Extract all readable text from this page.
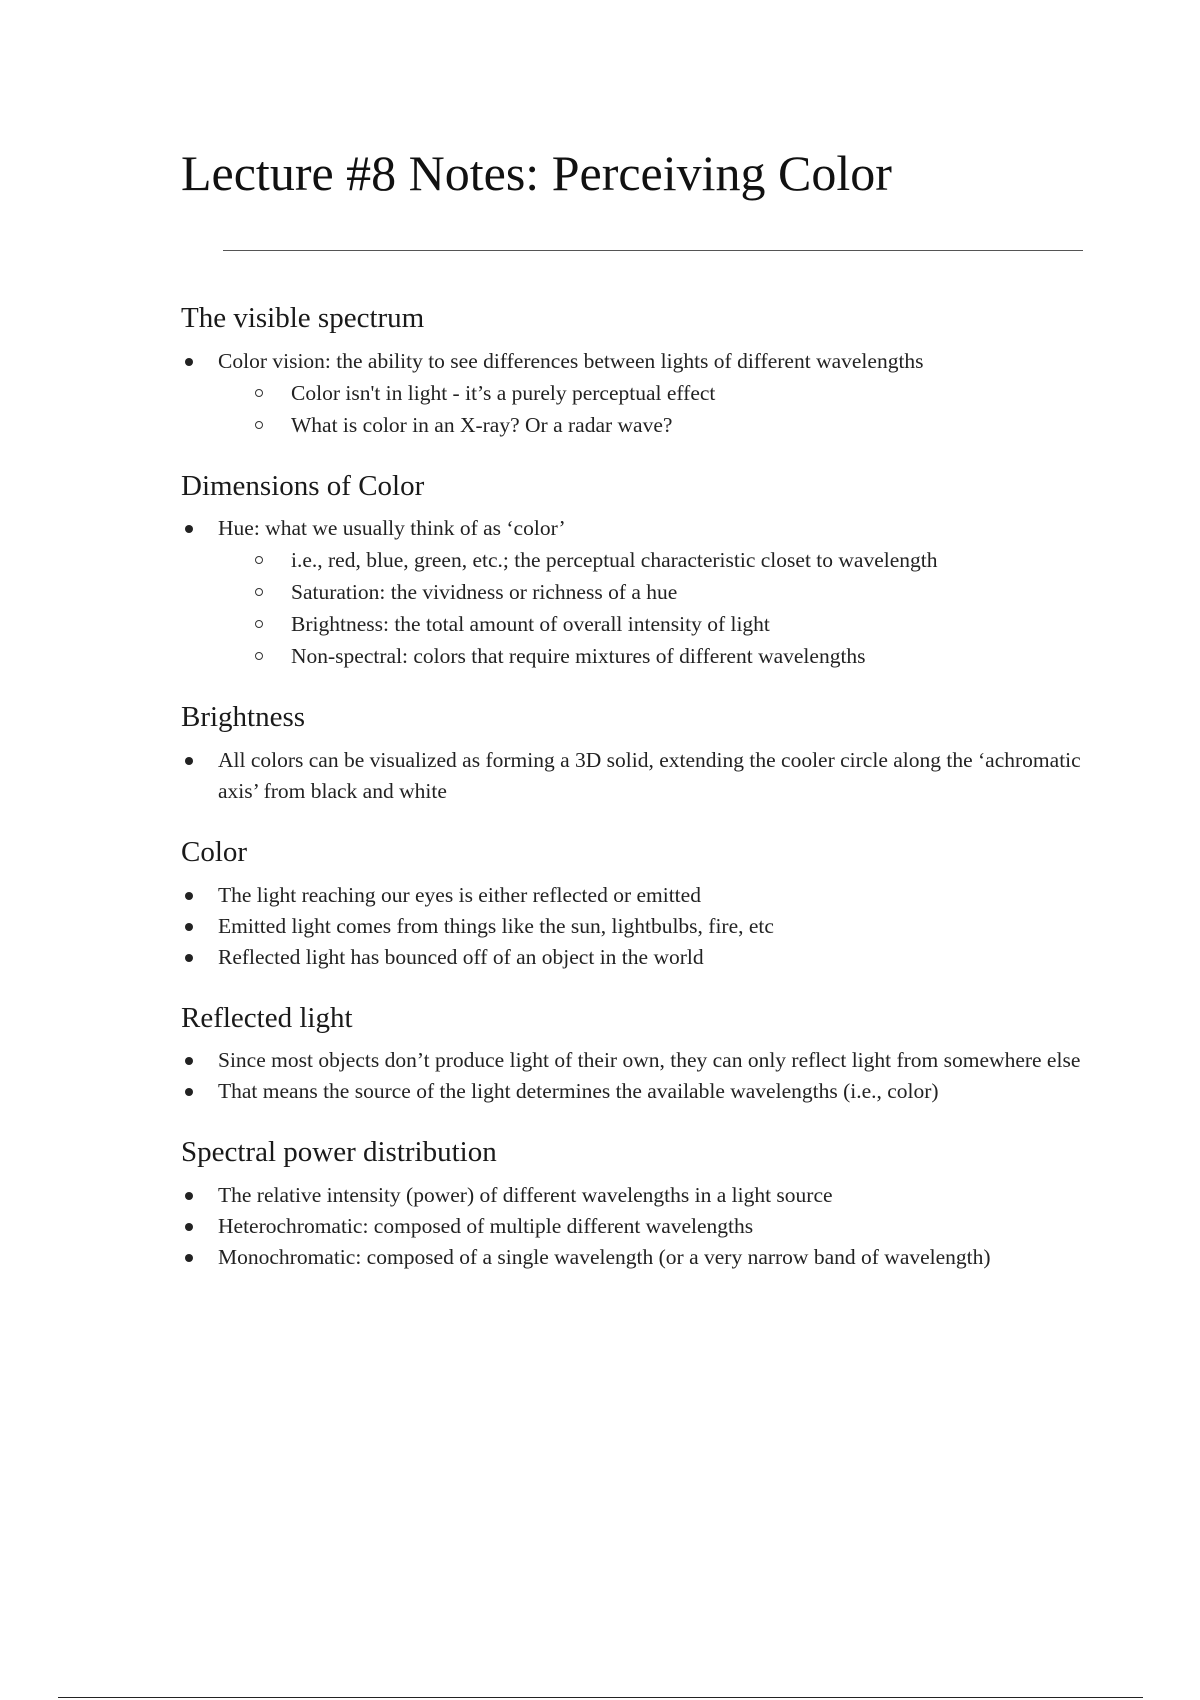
Lecture #8 Notes: Perceiving Color
The visible spectrum
Color vision: the ability to see differences between lights of different wavelengths
Color isn't in light - it’s a purely perceptual effect
What is color in an X-ray? Or a radar wave?
Dimensions of Color
Hue: what we usually think of as ‘color’
i.e., red, blue, green, etc.; the perceptual characteristic closet to wavelength
Saturation: the vividness or richness of a hue
Brightness: the total amount of overall intensity of light
Non-spectral: colors that require mixtures of different wavelengths
Brightness
All colors can be visualized as forming a 3D solid, extending the cooler circle along the ‘achromatic axis’ from black and white
Color
The light reaching our eyes is either reflected or emitted
Emitted light comes from things like the sun, lightbulbs, fire, etc
Reflected light has bounced off of an object in the world
Reflected light
Since most objects don’t produce light of their own, they can only reflect light from somewhere else
That means the source of the light determines the available wavelengths (i.e., color)
Spectral power distribution
The relative intensity (power) of different wavelengths in a light source
Heterochromatic: composed of multiple different wavelengths
Monochromatic: composed of a single wavelength (or a very narrow band of wavelength)
